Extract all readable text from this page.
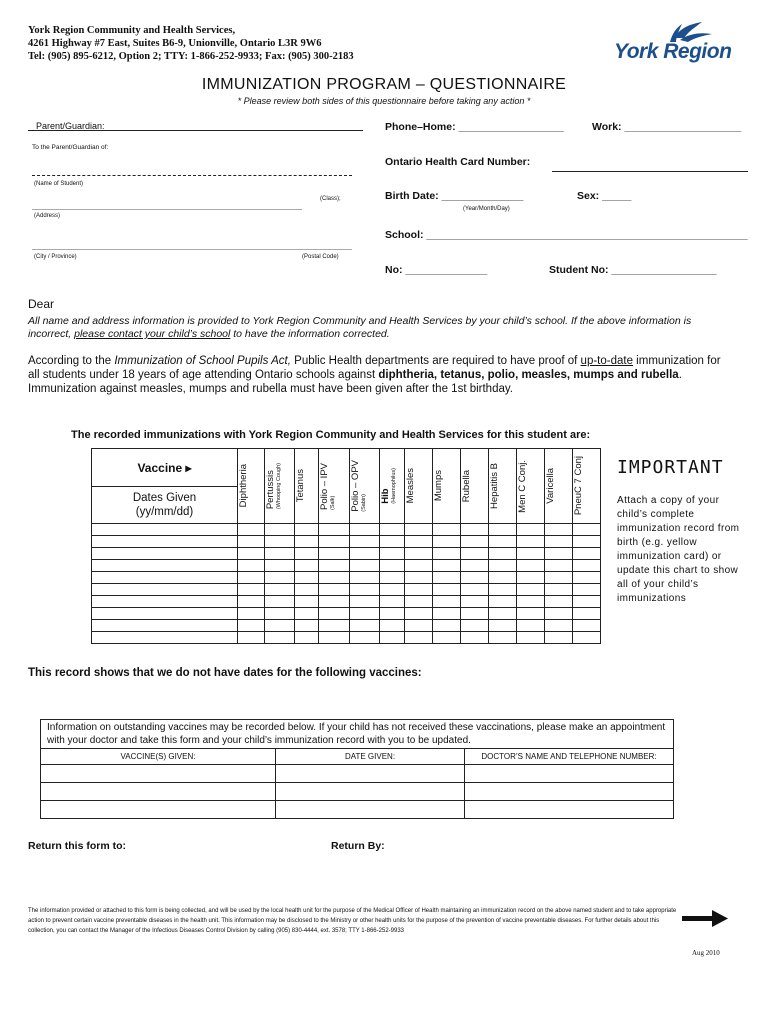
York Region Community and Health Services,
4261 Highway #7 East, Suites B6-9, Unionville, Ontario L3R 9W6
Tel: (905) 895-6212, Option 2; TTY: 1-866-252-9933; Fax: (905) 300-2183	York Region
IMMUNIZATION PROGRAM – QUESTIONNAIRE
* Please review both sides of this questionnaire before taking any action *
Parent/Guardian:
To the Parent/Guardian of:
(Name of Student)
(Class);
(Address)
(City / Province)	(Postal Code)
Phone–Home: __________________	Work: ____________________
Ontario Health Card Number:
Birth Date: ______________
(Year/Month/Day)
Sex: _____
School: _______________________________________________________
No: ______________	Student No: __________________
Dear
All name and address information is provided to York Region Community and Health Services by your child’s school. If the above information is incorrect, please contact your child’s school to have the information corrected.
According to the Immunization of School Pupils Act, Public Health departments are required to have proof of up-to-date immunization for all students under 18 years of age attending Ontario schools against diphtheria, tetanus, polio, measles, mumps and rubella. Immunization against measles, mumps and rubella must have been given after the 1st birthday.
The recorded immunizations with York Region Community and Health Services for this student are:
Vaccine ▸	Diphtheria	Pertussis (Whooping Cough)	Tetanus	Polio – IPV (Salk)	Polio – OPV (Sabin)	Hib (Haemophilus)	Measles	Mumps	Rubella	Hepatitis B	Men C Conj.	Varicella	PneuC 7 Conj

Dates Given
(yy/mm/dd)													

IMPORTANT
Attach a copy of your child’s complete immunization record from birth (e.g. yellow immunization card) or update this chart to show all of your child’s immunizations
This record shows that we do not have dates for the following vaccines:
Information on outstanding vaccines may be recorded below. If your child has not received these vaccinations, please make an appointment with your doctor and take this form and your child’s immunization record with you to be updated.		
VACCINE(S) GIVEN:	DATE GIVEN:	DOCTOR’S NAME AND TELEPHONE NUMBER:

Return this form to:	Return By:
The information provided or attached to this form is being collected, and will be used by the local health unit for the purpose of the Medical Officer of Health maintaining an immunization record on the above named student and to take appropriate action to prevent certain vaccine preventable diseases in the health unit. This information may be disclosed to the Ministry or other health units for the purpose of the prevention of vaccine preventable diseases. For further details about this collection, you can contact the Manager of the Infectious Diseases Control Division by calling (905) 830-4444, ext. 3578; TTY 1-866-252-9933
Aug 2010
